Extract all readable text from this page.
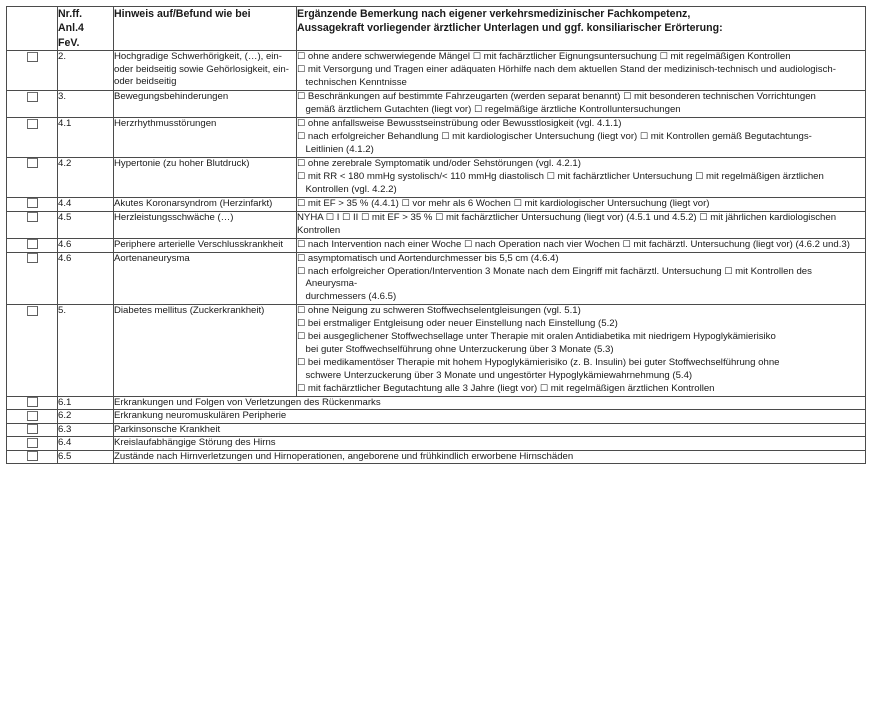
	Nr.ff.
Anl.4
FeV.	Hinweis auf/Befund wie bei	Ergänzende Bemerkung nach eigener verkehrsmedizinischer Fachkompetenz,
Aussagekraft vorliegender ärztlicher Unterlagen und ggf. konsiliarischer Erörterung:

	2.	Hochgradige Schwerhörigkeit, (…), ein- oder beidseitig sowie Gehörlosigkeit, ein- oder beidseitig	
☐ ohne andere schwerwiegende Mängel ☐ mit fachärztlicher Eignungsuntersuchung ☐ mit regelmäßigen Kontrollen
☐ mit Versorgung und Tragen einer adäquaten Hörhilfe nach dem aktuellen Stand der medizinisch-technisch und audiologisch-
technischen Kenntnisse

	3.	Bewegungsbehinderungen	
☐ Beschränkungen auf bestimmte Fahrzeugarten (werden separat benannt) ☐ mit besonderen technischen Vorrichtungen
gemäß ärztlichem Gutachten (liegt vor) ☐ regelmäßige ärztliche Kontrolluntersuchungen

	4.1	Herzrhythmusstörungen	
☐ ohne anfallsweise Bewusstseinstrübung oder Bewusstlosigkeit (vgl. 4.1.1)
☐ nach erfolgreicher Behandlung ☐ mit kardiologischer Untersuchung (liegt vor) ☐ mit Kontrollen gemäß Begutachtungs-
Leitlinien (4.1.2)

	4.2	Hypertonie (zu hoher Blutdruck)	
☐ ohne zerebrale Symptomatik und/oder Sehstörungen (vgl. 4.2.1)
☐ mit RR < 180 mmHg systolisch/< 110 mmHg diastolisch ☐ mit fachärztlicher Untersuchung ☐ mit regelmäßigen ärztlichen
Kontrollen (vgl. 4.2.2)

	4.4	Akutes Koronarsyndrom (Herzinfarkt)	
☐ mit EF > 35 % (4.4.1) ☐ vor mehr als 6 Wochen ☐ mit kardiologischer Untersuchung (liegt vor)

	4.5	Herzleistungsschwäche (…)	NYHA ☐ I ☐ II ☐ mit EF > 35 % ☐ mit fachärztlicher Untersuchung (liegt vor) (4.5.1 und 4.5.2) ☐ mit jährlichen kardiologischen
Kontrollen

	4.6	Periphere arterielle Verschlusskrankheit	
☐ nach Intervention nach einer Woche ☐ nach Operation nach vier Wochen ☐ mit fachärztl. Untersuchung (liegt vor) (4.6.2 und.3)

	4.6	Aortenaneurysma	
☐ asymptomatisch und Aortendurchmesser bis 5,5 cm (4.6.4)
☐ nach erfolgreicher Operation/Intervention 3 Monate nach dem Eingriff mit fachärztl. Untersuchung ☐ mit Kontrollen des Aneurysma-
durchmessers (4.6.5)

	5.	Diabetes mellitus (Zuckerkrankheit)	
☐ ohne Neigung zu schweren Stoffwechselentgleisungen (vgl. 5.1)
☐ bei erstmaliger Entgleisung oder neuer Einstellung nach Einstellung (5.2)
☐ bei ausgeglichener Stoffwechsellage unter Therapie mit oralen Antidiabetika mit niedrigem Hypoglykämierisiko
bei guter Stoffwechselführung ohne Unterzuckerung über 3 Monate (5.3)
☐ bei medikamentöser Therapie mit hohem Hypoglykämierisiko (z. B. Insulin) bei guter Stoffwechselführung ohne
schwere Unterzuckerung über 3 Monate und ungestörter Hypoglykämiewahrnehmung (5.4)
☐ mit fachärztlicher Begutachtung alle 3 Jahre (liegt vor) ☐ mit regelmäßigen ärztlichen Kontrollen

	6.1	Erkrankungen und Folgen von Verletzungen des Rückenmarks	
	6.2	Erkrankung neuromuskulären Peripherie	
	6.3	Parkinsonsche Krankheit	
	6.4	Kreislaufabhängige Störung des Hirns	
	6.5	Zustände nach Hirnverletzungen und Hirnoperationen, angeborene und frühkindlich erworbene Hirnschäden	
